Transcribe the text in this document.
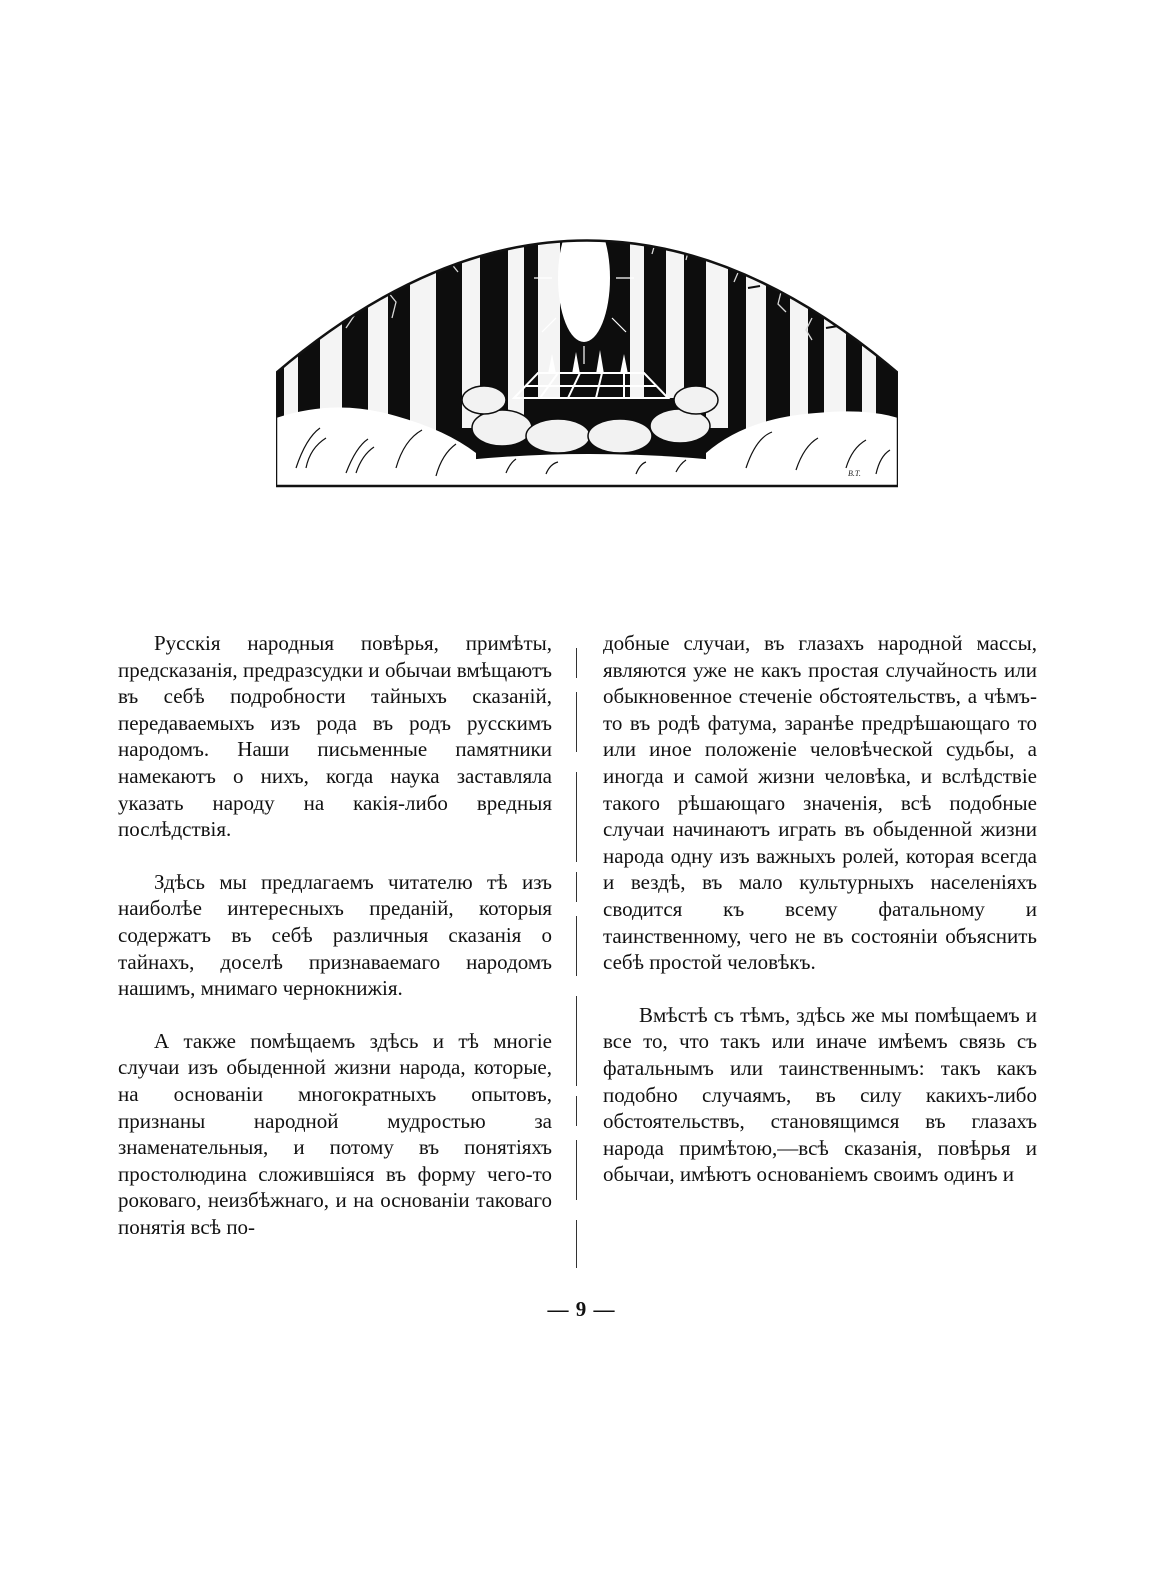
В.Т.

Русскія народныя повѣрья, примѣты, предсказанія, предразсудки и обычаи вмѣщаютъ въ себѣ подробности тайныхъ сказаній, передаваемыхъ изъ рода въ родъ русскимъ народомъ. Наши письменные памятники намекаютъ о нихъ, когда наука заставляла указать народу на какія-либо вредныя послѣдствія.

Здѣсь мы предлагаемъ читателю тѣ изъ наиболѣе интересныхъ преданій, которыя содержатъ въ себѣ различныя сказанія о тайнахъ, доселѣ признаваемаго народомъ нашимъ, мнимаго чернокнижія.

А также помѣщаемъ здѣсь и тѣ многіе случаи изъ обыденной жизни народа, которые, на основаніи многократныхъ опытовъ, признаны народной мудростью за знаменательныя, и потому въ понятіяхъ простолюдина сложившіяся въ форму чего-то роковаго, неизбѣжнаго, и на основаніи таковаго понятія всѣ по-

добные случаи, въ глазахъ народной массы, являются уже не какъ простая случайность или обыкновенное стеченіе обстоятельствъ, а чѣмъ-то въ родѣ фатума, заранѣе предрѣшающаго то или иное положеніе человѣческой судьбы, а иногда и самой жизни человѣка, и вслѣдствіе такого рѣшающаго значенія, всѣ подобные случаи начинаютъ играть въ обыденной жизни народа одну изъ важныхъ ролей, которая всегда и вездѣ, въ мало культурныхъ населеніяхъ сводится къ всему фатальному и таинственному, чего не въ состояніи объяснить себѣ простой человѣкъ.

Вмѣстѣ съ тѣмъ, здѣсь же мы помѣщаемъ и все то, что такъ или иначе имѣемъ связь съ фатальнымъ или таинственнымъ: такъ какъ подобно случаямъ, въ силу какихъ-либо обстоятельствъ, становящимся въ глазахъ народа примѣтою,—всѣ сказанія, повѣрья и обычаи, имѣютъ основаніемъ своимъ одинъ и

— 9 —
